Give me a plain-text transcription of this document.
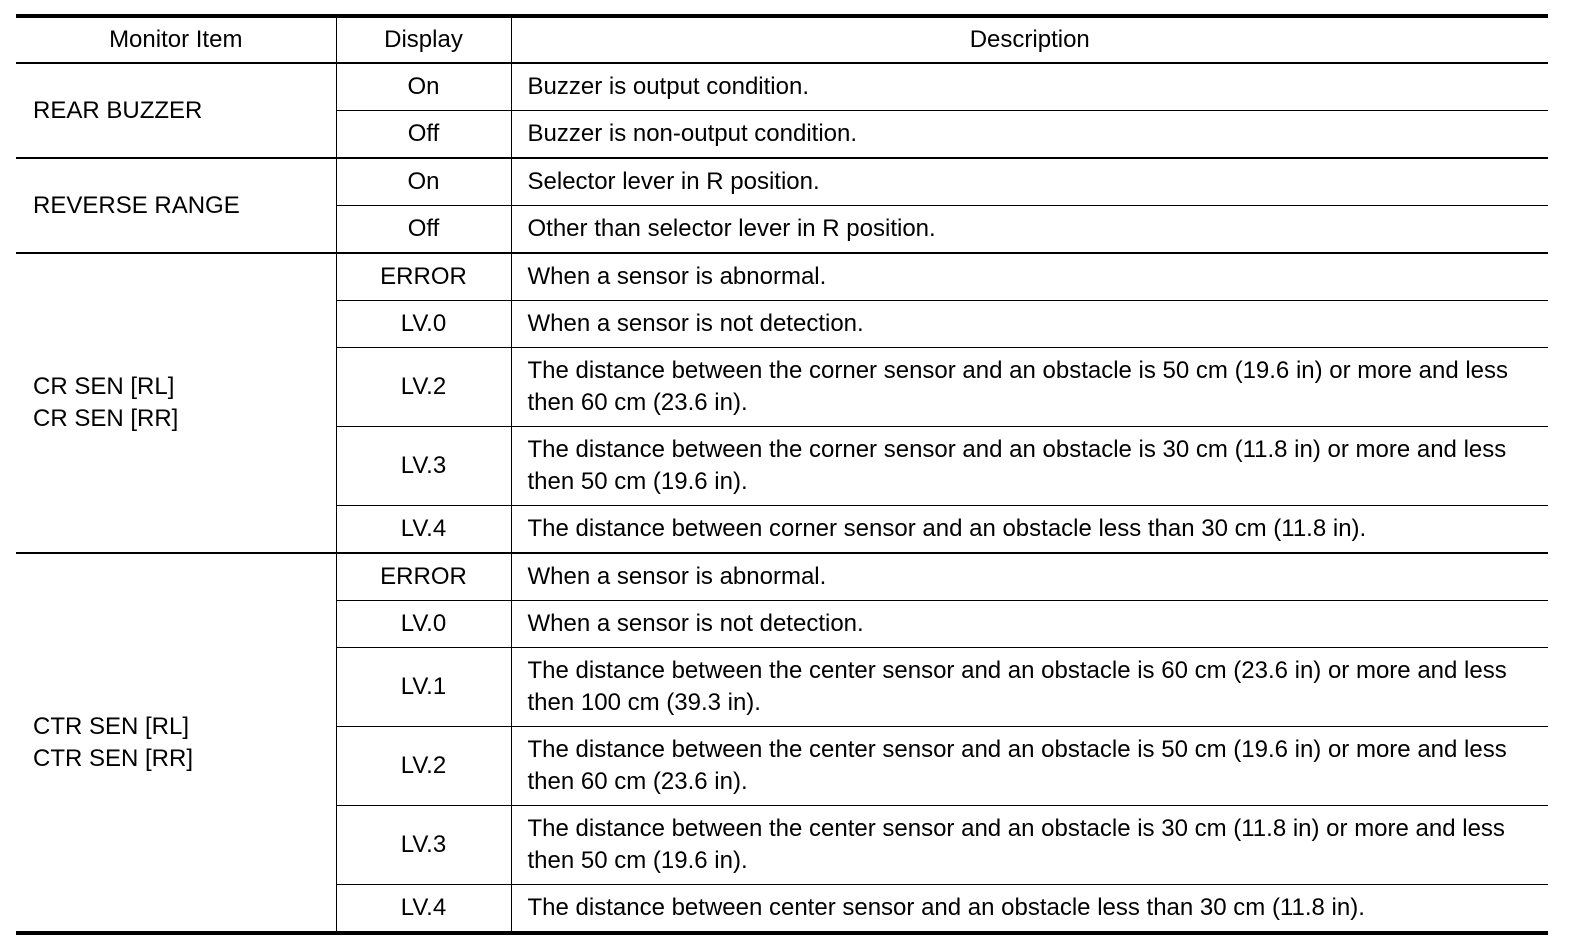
Monitor Item	Display	Description

REAR BUZZER	On	Buzzer is output condition.
	Off	Buzzer is non-output condition.

REVERSE RANGE	On	Selector lever in R position.
	Off	Other than selector lever in R position.

CR SEN [RL]
CR SEN [RR]	ERROR	When a sensor is abnormal.
	LV.0	When a sensor is not detection.
	LV.2	The distance between the corner sensor and an obstacle is 50 cm (19.6 in) or more and less then 60 cm (23.6 in).
	LV.3	The distance between the corner sensor and an obstacle is 30 cm (11.8 in) or more and less then 50 cm (19.6 in).
	LV.4	The distance between corner sensor and an obstacle less than 30 cm (11.8 in).

CTR SEN [RL]
CTR SEN [RR]	ERROR	When a sensor is abnormal.
	LV.0	When a sensor is not detection.
	LV.1	The distance between the center sensor and an obstacle is 60 cm (23.6 in) or more and less then 100 cm (39.3 in).
	LV.2	The distance between the center sensor and an obstacle is 50 cm (19.6 in) or more and less then 60 cm (23.6 in).
	LV.3	The distance between the center sensor and an obstacle is 30 cm (11.8 in) or more and less then 50 cm (19.6 in).
	LV.4	The distance between center sensor and an obstacle less than 30 cm (11.8 in).
